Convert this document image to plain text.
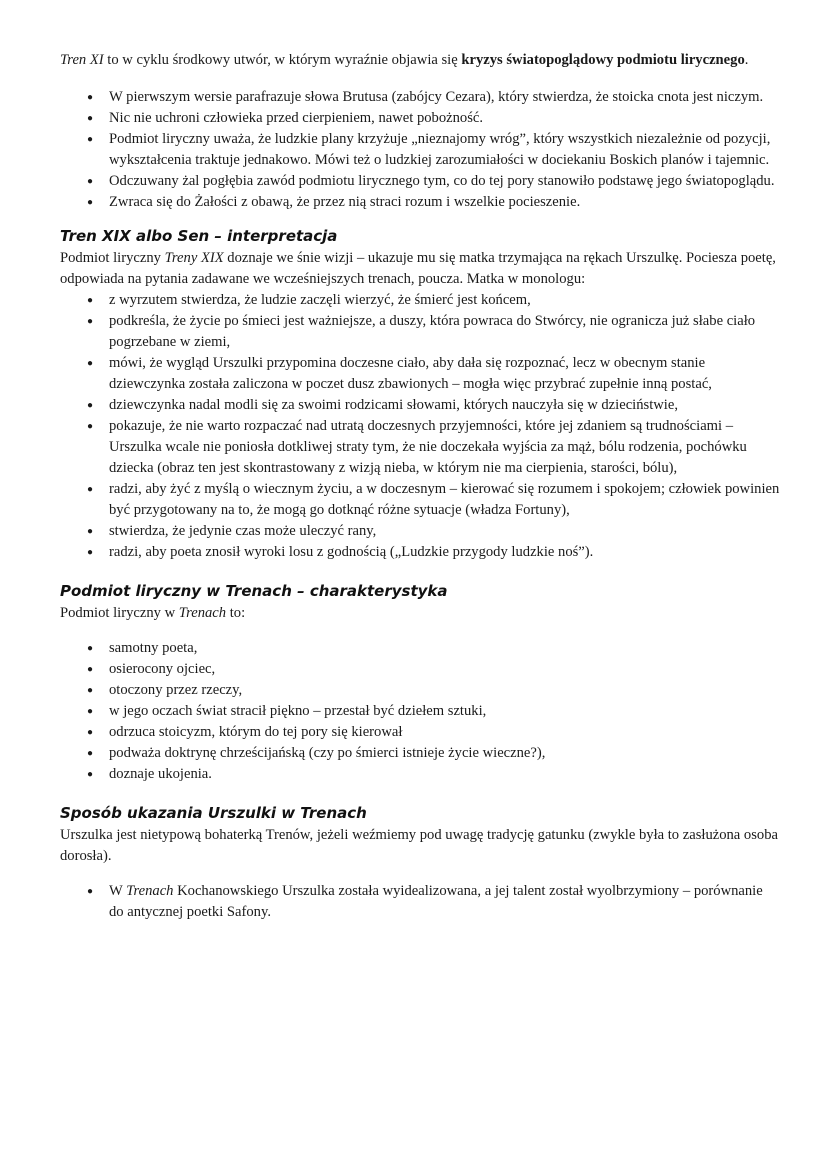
Tren XI to w cyklu środkowy utwór, w którym wyraźnie objawia się kryzys światopoglądowy podmiotu lirycznego.

● W pierwszym wersie parafrazuje słowa Brutusa (zabójcy Cezara), który stwierdza, że stoicka cnota jest niczym.
● Nic nie uchroni człowieka przed cierpieniem, nawet pobożność.
● Podmiot liryczny uważa, że ludzkie plany krzyżuje „nieznajomy wróg”, który wszystkich niezależnie od pozycji, wykształcenia traktuje jednakowo. Mówi też o ludzkiej zarozumiałości w dociekaniu Boskich planów i tajemnic.
● Odczuwany żal pogłębia zawód podmiotu lirycznego tym, co do tej pory stanowiło podstawę jego światopoglądu.
● Zwraca się do Żałości z obawą, że przez nią straci rozum i wszelkie pocieszenie.
Tren XIX albo Sen – interpretacja

Podmiot liryczny Treny XIX doznaje we śnie wizji – ukazuje mu się matka trzymająca na rękach Urszulkę. Pociesza poetę, odpowiada na pytania zadawane we wcześniejszych trenach, poucza. Matka w monologu:

● z wyrzutem stwierdza, że ludzie zaczęli wierzyć, że śmierć jest końcem,
● podkreśla, że życie po śmieci jest ważniejsze, a duszy, która powraca do Stwórcy, nie ogranicza już słabe ciało pogrzebane w ziemi,
● mówi, że wygląd Urszulki przypomina doczesne ciało, aby dała się rozpoznać, lecz w obecnym stanie dziewczynka została zaliczona w poczet dusz zbawionych – mogła więc przybrać zupełnie inną postać,
● dziewczynka nadal modli się za swoimi rodzicami słowami, których nauczyła się w dzieciństwie,
● pokazuje, że nie warto rozpaczać nad utratą doczesnych przyjemności, które jej zdaniem są trudnościami – Urszulka wcale nie poniosła dotkliwej straty tym, że nie doczekała wyjścia za mąż, bólu rodzenia, pochówku dziecka (obraz ten jest skontrastowany z wizją nieba, w którym nie ma cierpienia, starości, bólu),
● radzi, aby żyć z myślą o wiecznym życiu, a w doczesnym – kierować się rozumem i spokojem; człowiek powinien być przygotowany na to, że mogą go dotknąć różne sytuacje (władza Fortuny),
● stwierdza, że jedynie czas może uleczyć rany,
● radzi, aby poeta znosił wyroki losu z godnością („Ludzkie przygody ludzkie noś”).
Podmiot liryczny w Trenach – charakterystyka

Podmiot liryczny w Trenach to:

● samotny poeta,
● osierocony ojciec,
● otoczony przez rzeczy,
● w jego oczach świat stracił piękno – przestał być dziełem sztuki,
● odrzuca stoicyzm, którym do tej pory się kierował
● podważa doktrynę chrześcijańską (czy po śmierci istnieje życie wieczne?),
● doznaje ukojenia.
Sposób ukazania Urszulki w Trenach

Urszulka jest nietypową bohaterką Trenów, jeżeli weźmiemy pod uwagę tradycję gatunku (zwykle była to zasłużona osoba dorosła).

● W Trenach Kochanowskiego Urszulka została wyidealizowana, a jej talent został wyolbrzymiony – porównanie do antycznej poetki Safony.
